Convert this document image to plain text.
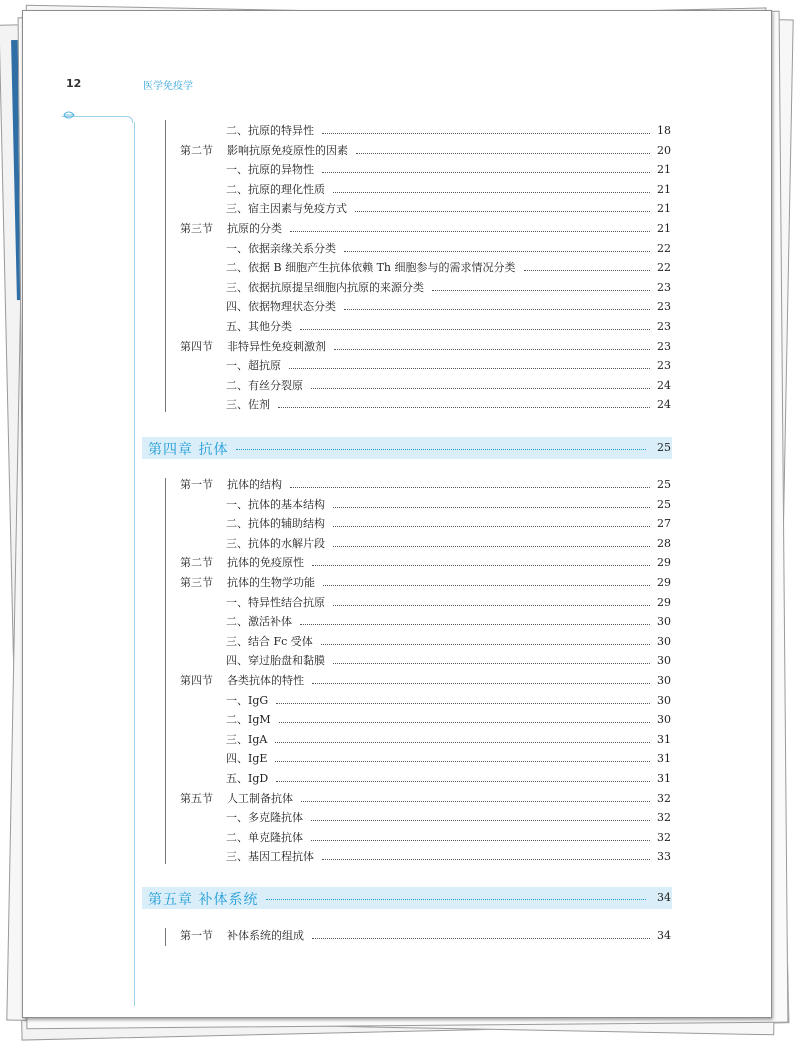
12	医学免疫学
二、抗原的特异性	18
第二节 影响抗原免疫原性的因素	20
一、抗原的异物性	21
二、抗原的理化性质	21
三、宿主因素与免疫方式	21
第三节 抗原的分类	21
一、依据亲缘关系分类	22
二、依据 B 细胞产生抗体依赖 Th 细胞参与的需求情况分类	22
三、依据抗原提呈细胞内抗原的来源分类	23
四、依据物理状态分类	23
五、其他分类	23
第四节 非特异性免疫刺激剂	23
一、超抗原	23
二、有丝分裂原	24
三、佐剂	24
第四章 抗体	25
第一节 抗体的结构	25
一、抗体的基本结构	25
二、抗体的辅助结构	27
三、抗体的水解片段	28
第二节 抗体的免疫原性	29
第三节 抗体的生物学功能	29
一、特异性结合抗原	29
二、激活补体	30
三、结合 Fc 受体	30
四、穿过胎盘和黏膜	30
第四节 各类抗体的特性	30
一、IgG	30
二、IgM	30
三、IgA	31
四、IgE	31
五、IgD	31
第五节 人工制备抗体	32
一、多克隆抗体	32
二、单克隆抗体	32
三、基因工程抗体	33
第五章 补体系统	34
第一节 补体系统的组成	34
